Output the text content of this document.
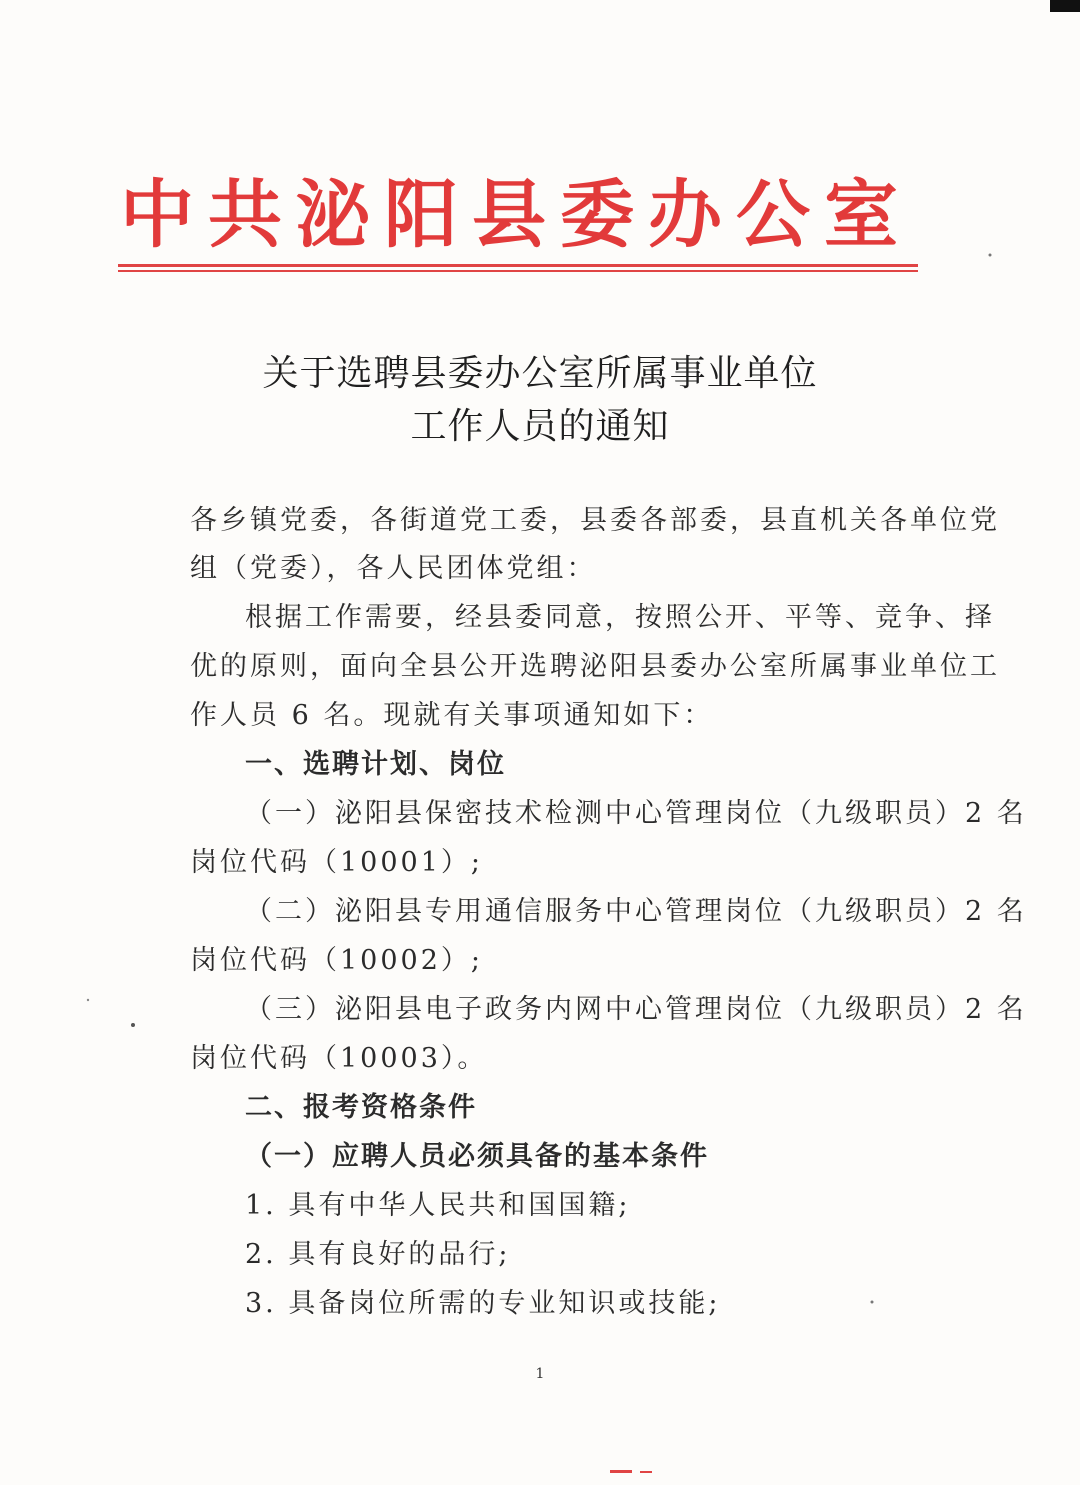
中共泌阳县委办公室
关于选聘县委办公室所属事业单位
工作人员的通知
各乡镇党委，各街道党工委，县委各部委，县直机关各单位党
组（党委），各人民团体党组：
根据工作需要，经县委同意，按照公开、平等、竞争、择
优的原则，面向全县公开选聘泌阳县委办公室所属事业单位工
作人员 6 名。现就有关事项通知如下：
一、选聘计划、岗位
（一）泌阳县保密技术检测中心管理岗位（九级职员）2 名
岗位代码（10001）;
（二）泌阳县专用通信服务中心管理岗位（九级职员）2 名
岗位代码（10002）;
（三）泌阳县电子政务内网中心管理岗位（九级职员）2 名
岗位代码（10003）。
二、报考资格条件
（一）应聘人员必须具备的基本条件
1. 具有中华人民共和国国籍;
2. 具有良好的品行;
3. 具备岗位所需的专业知识或技能;
1
